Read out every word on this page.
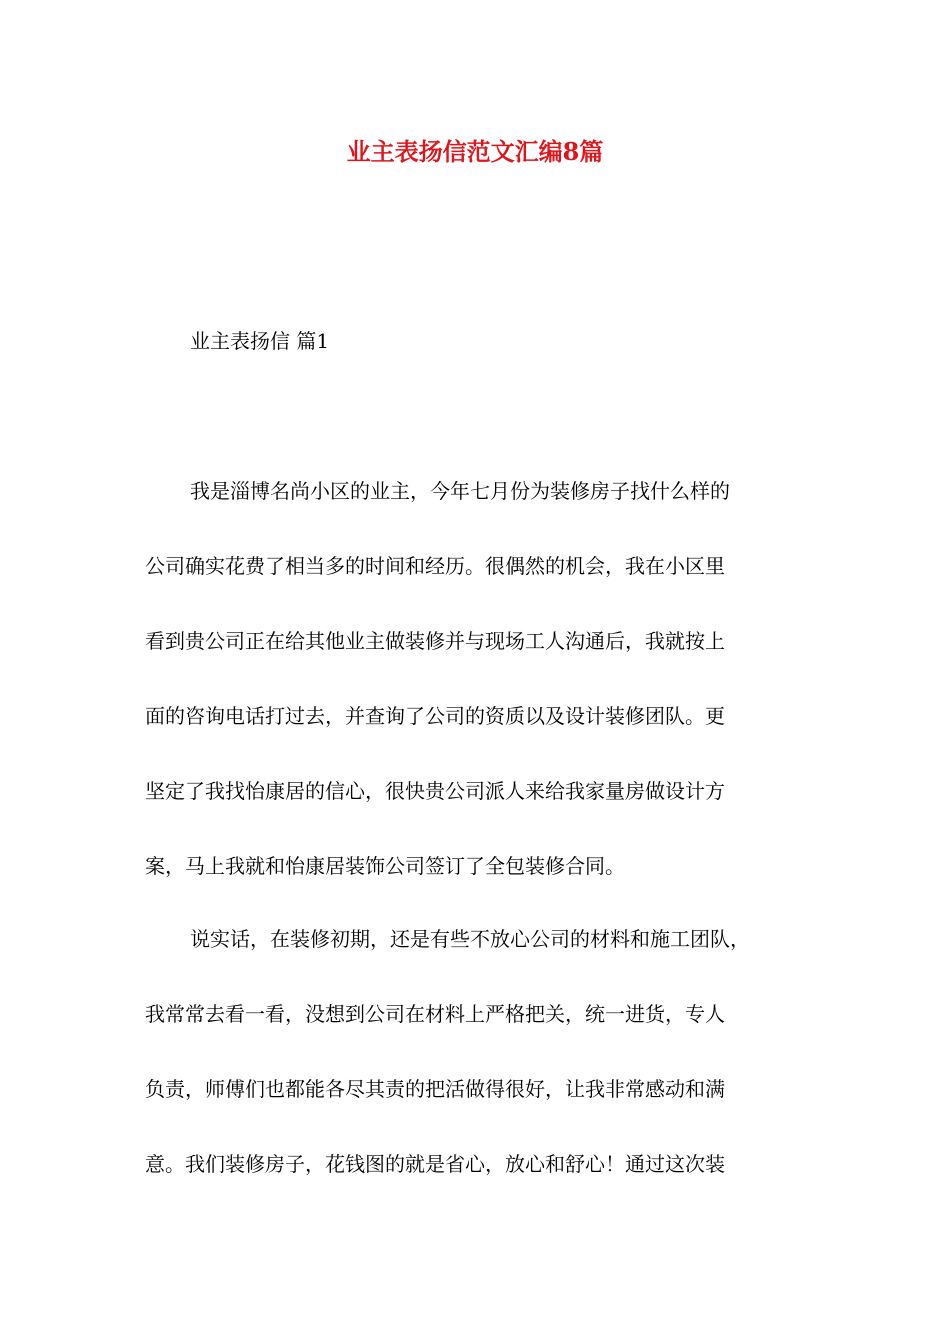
业主表扬信范文汇编8篇
业主表扬信 篇1
我是淄博名尚小区的业主，今年七月份为装修房子找什么样的
公司确实花费了相当多的时间和经历。很偶然的机会，我在小区里
看到贵公司正在给其他业主做装修并与现场工人沟通后，我就按上
面的咨询电话打过去，并查询了公司的资质以及设计装修团队。更
坚定了我找怡康居的信心，很快贵公司派人来给我家量房做设计方
案，马上我就和怡康居装饰公司签订了全包装修合同。
说实话，在装修初期，还是有些不放心公司的材料和施工团队，
我常常去看一看，没想到公司在材料上严格把关，统一进货，专人
负责，师傅们也都能各尽其责的把活做得很好，让我非常感动和满
意。我们装修房子，花钱图的就是省心，放心和舒心！通过这次装
